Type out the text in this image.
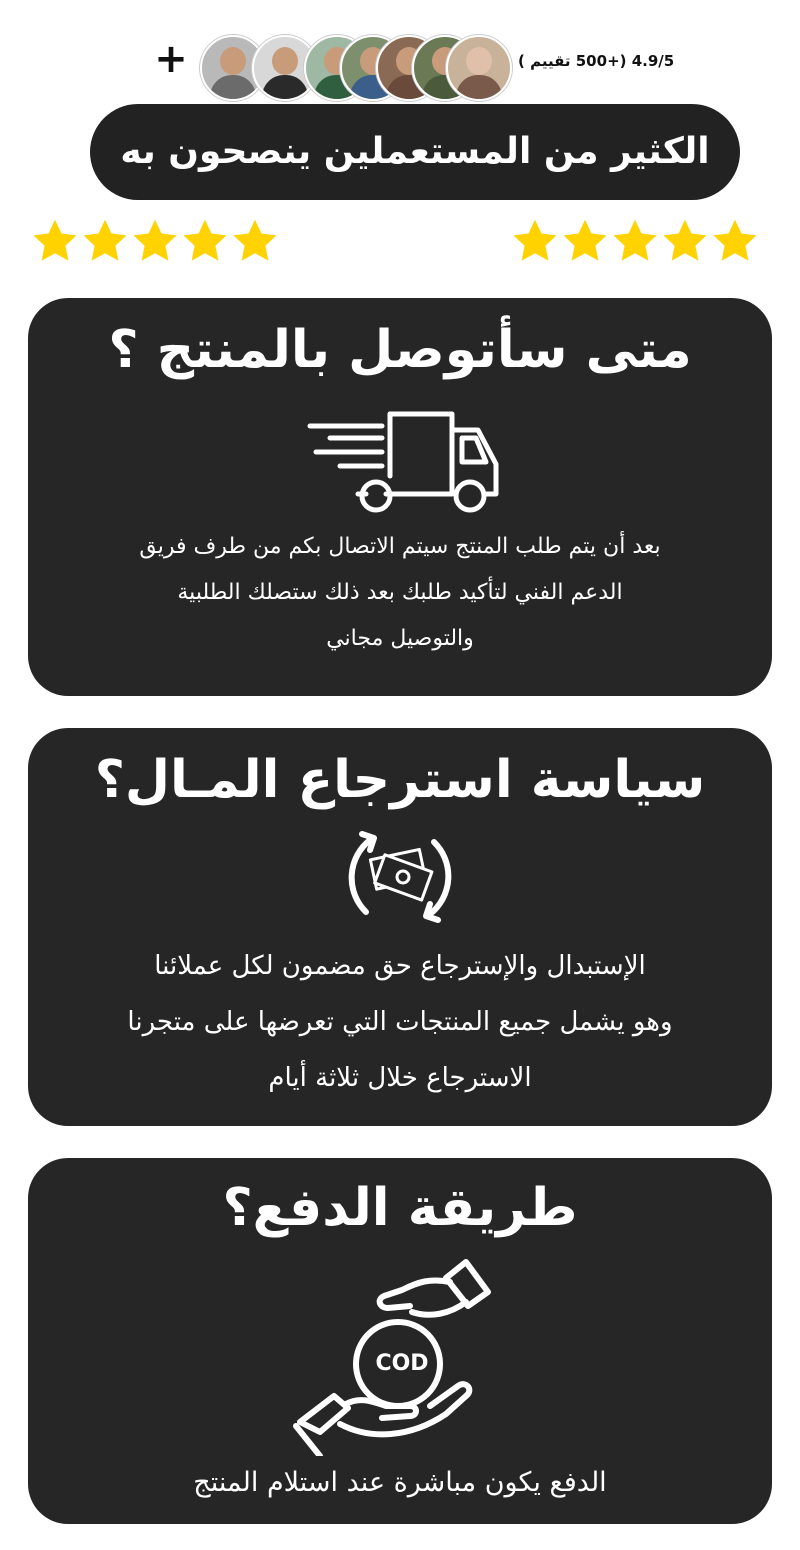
+	4.9/5 (+500 تقييم )
الكثير من المستعملين ينصحون به
متى سأتوصل بالمنتج ؟
بعد أن يتم طلب المنتج سيتم الاتصال بكم من طرف فريق
الدعم الفني لتأكيد طلبك بعد ذلك ستصلك الطلبية
والتوصيل مجاني
سياسة استرجاع المـال؟
الإستبدال والإسترجاع حق مضمون لكل عملائنا
وهو يشمل جميع المنتجات التي تعرضها على متجرنا
الاسترجاع خلال ثلاثة أيام
طريقة الدفع؟
COD
الدفع يكون مباشرة عند استلام المنتج
